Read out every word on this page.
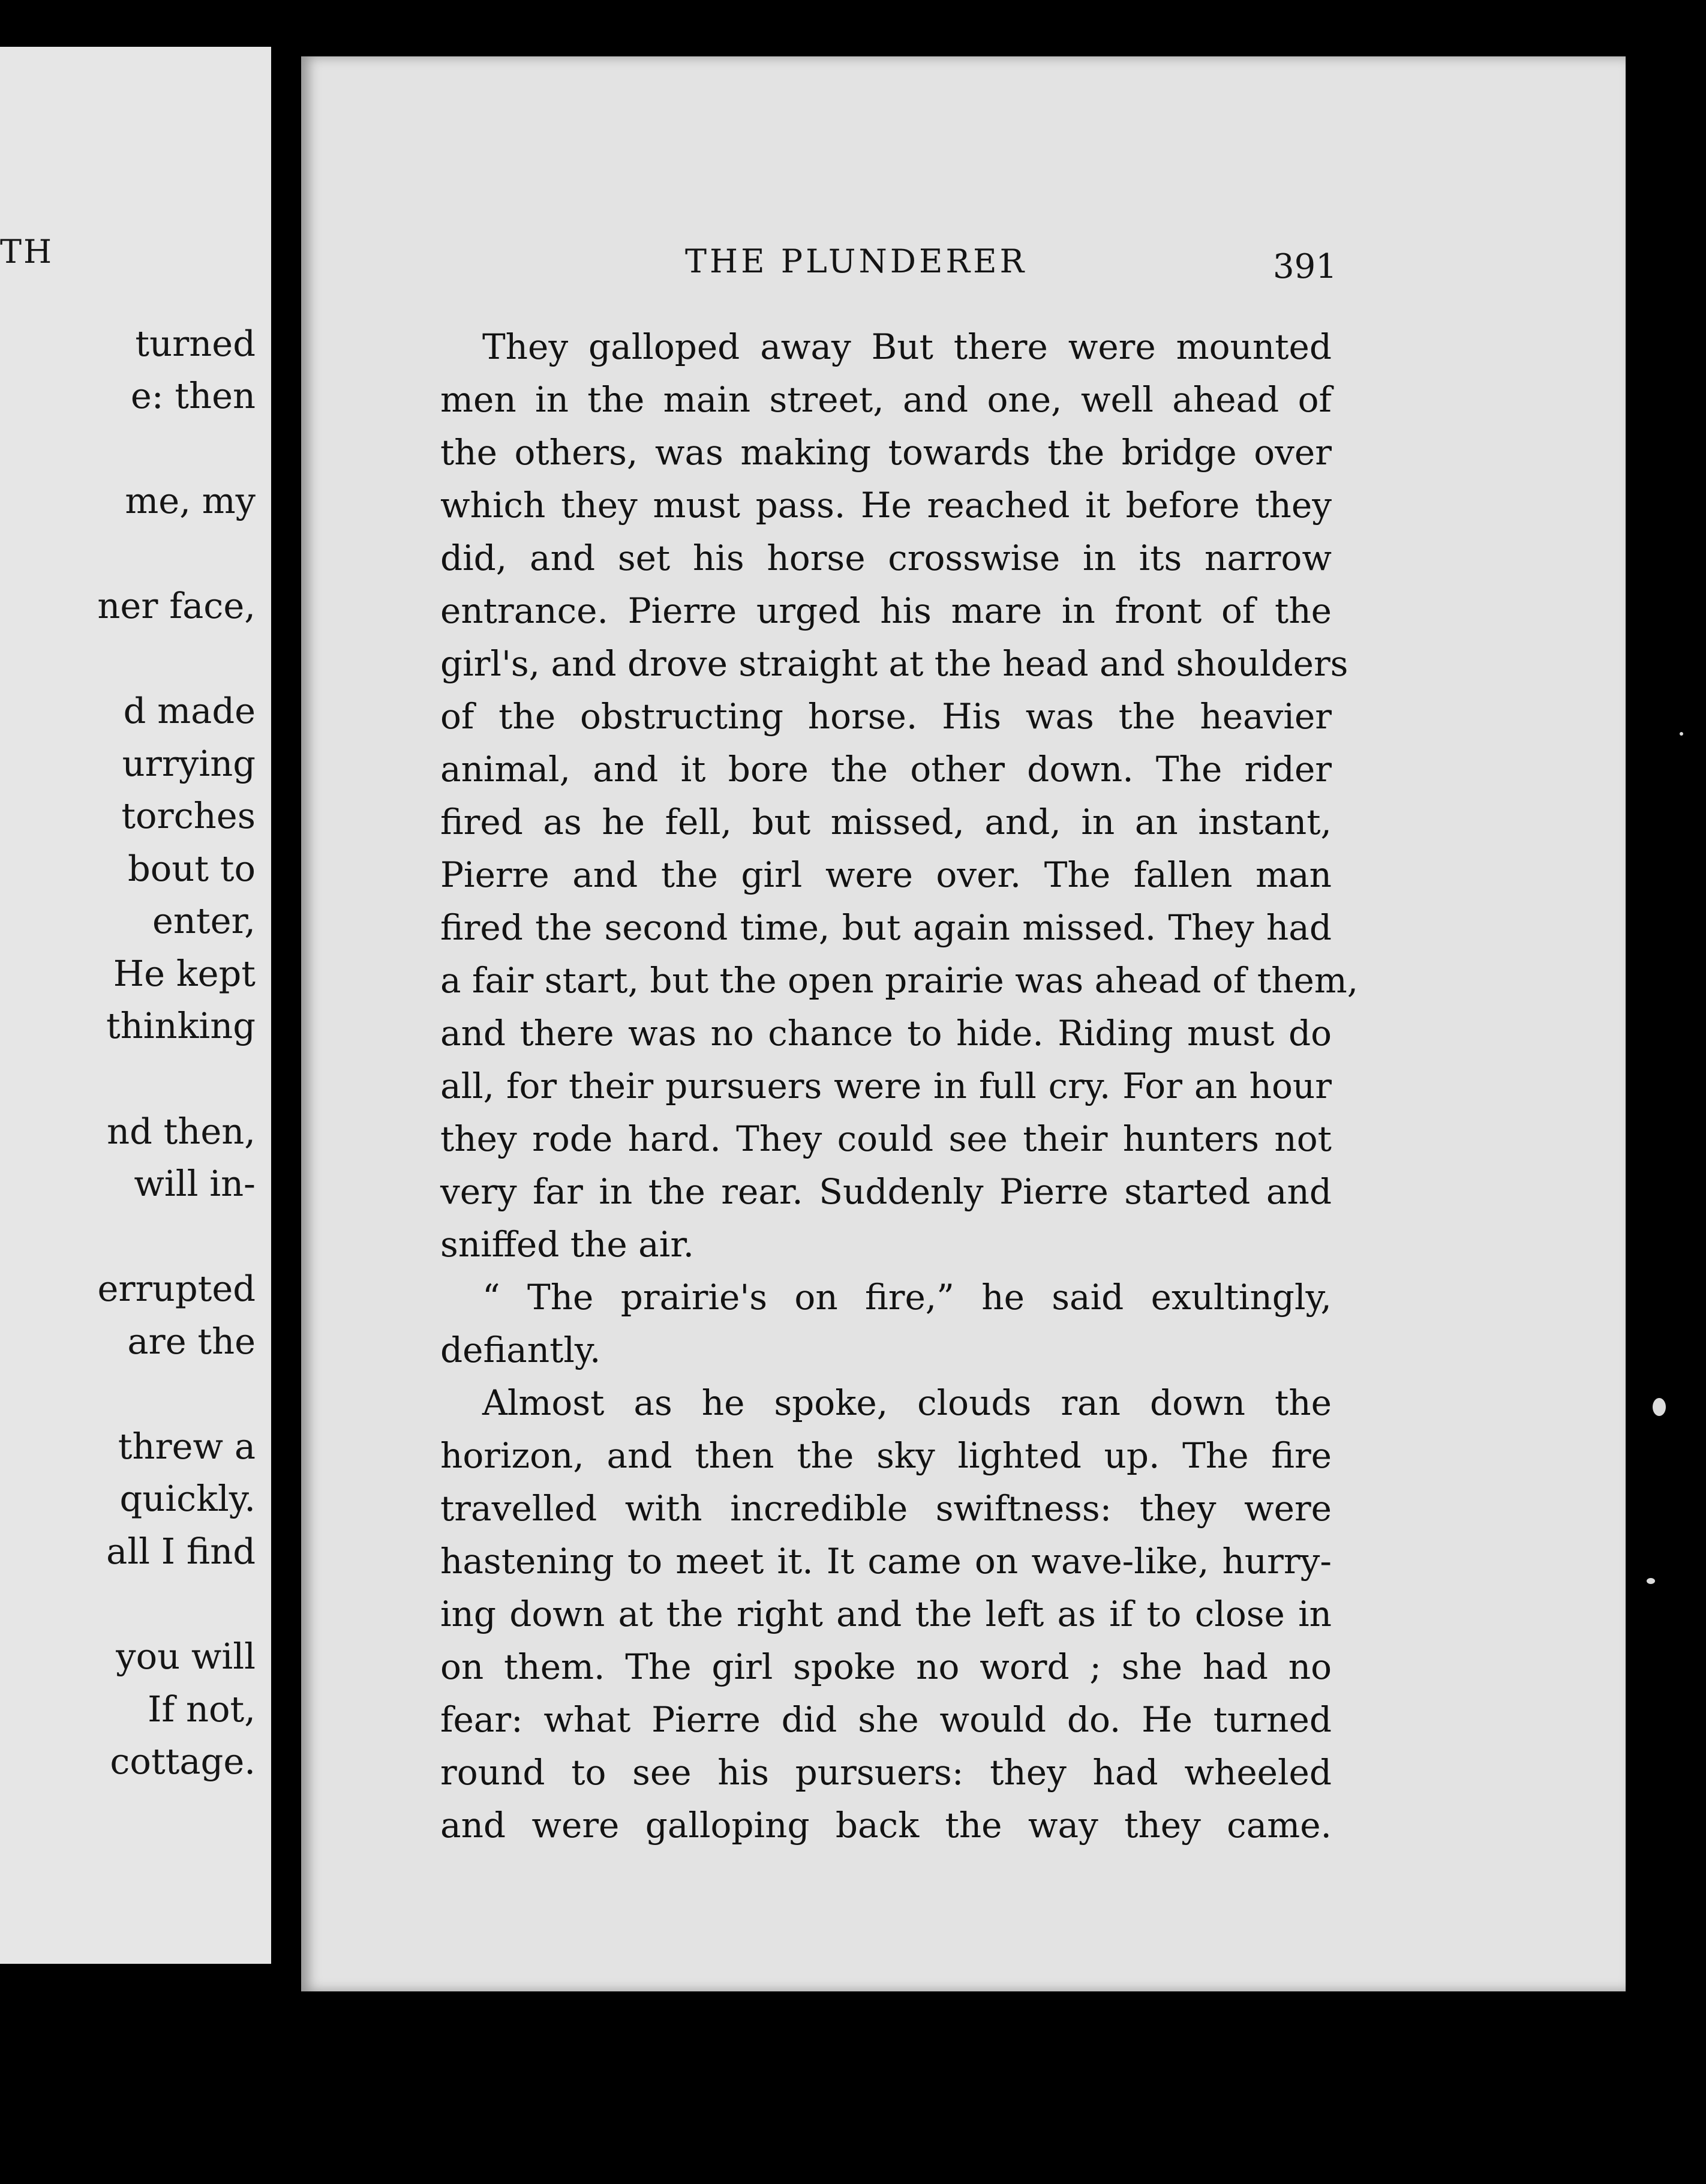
TH
turned
e: then
me, my
ner face,
d made
urrying
torches
bout to
enter,
He kept
thinking
nd then,
will in-
errupted
are the
threw a
quickly.
all I find
you will
If not,
cottage.
THE PLUNDERER	391
They galloped away But there were mounted
men in the main street, and one, well ahead of
the others, was making towards the bridge over
which they must pass. He reached it before they
did, and set his horse crosswise in its narrow
entrance. Pierre urged his mare in front of the
girl's, and drove straight at the head and shoulders
of the obstructing horse. His was the heavier
animal, and it bore the other down. The rider
fired as he fell, but missed, and, in an instant,
Pierre and the girl were over. The fallen man
fired the second time, but again missed. They had
a fair start, but the open prairie was ahead of them,
and there was no chance to hide. Riding must do
all, for their pursuers were in full cry. For an hour
they rode hard. They could see their hunters not
very far in the rear. Suddenly Pierre started and
sniffed the air.
“ The prairie's on fire,” he said exultingly,
defiantly.
Almost as he spoke, clouds ran down the
horizon, and then the sky lighted up. The fire
travelled with incredible swiftness: they were
hastening to meet it. It came on wave-like, hurry-
ing down at the right and the left as if to close in
on them. The girl spoke no word ; she had no
fear: what Pierre did she would do. He turned
round to see his pursuers: they had wheeled
and were galloping back the way they came.
